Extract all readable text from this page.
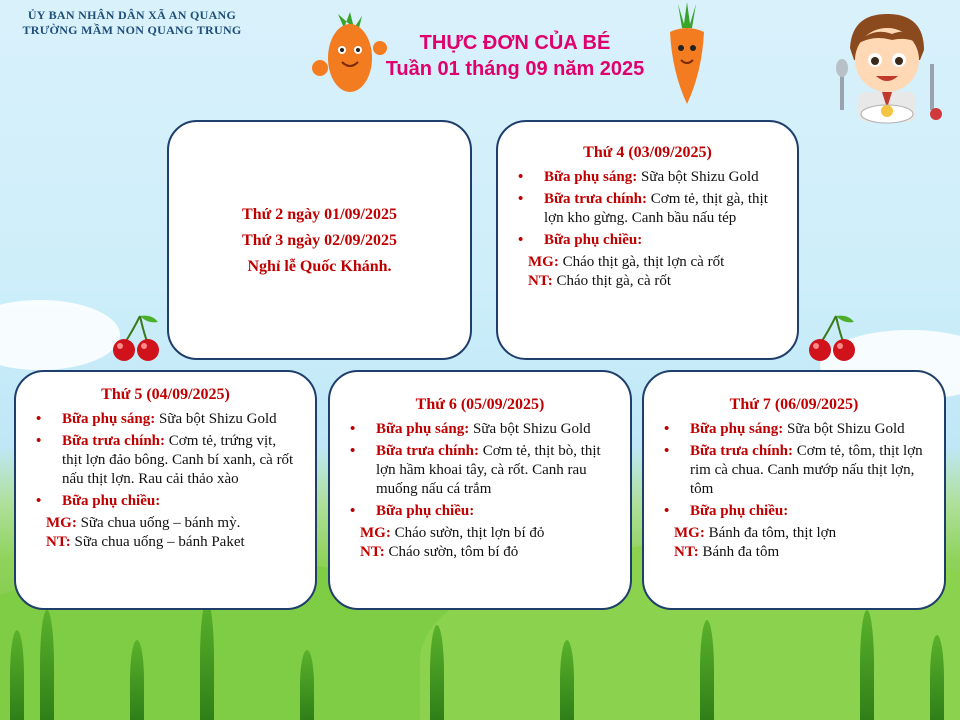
ỦY BAN NHÂN DÂN XÃ AN QUANG
TRƯỜNG MẦM NON QUANG TRUNG
THỰC ĐƠN CỦA BÉ
Tuần 01 tháng 09 năm 2025
Thứ 2 ngày 01/09/2025
Thứ 3 ngày 02/09/2025
Nghỉ lễ Quốc Khánh.
Thứ 4 (03/09/2025)
• Bữa phụ sáng: Sữa bột Shizu Gold
• Bữa trưa chính: Cơm tẻ, thịt gà, thịt lợn kho gừng. Canh bầu nấu tép
• Bữa phụ chiều:
MG: Cháo thịt gà, thịt lợn cà rốt
NT: Cháo thịt gà, cà rốt
Thứ 5 (04/09/2025)
• Bữa phụ sáng: Sữa bột Shizu Gold
• Bữa trưa chính: Cơm tẻ, trứng vịt, thịt lợn đảo bông. Canh bí xanh, cà rốt nấu thịt lợn. Rau cải thảo xào
• Bữa phụ chiều:
MG: Sữa chua uống – bánh mỳ.
NT: Sữa chua uống – bánh Paket
Thứ 6 (05/09/2025)
• Bữa phụ sáng: Sữa bột Shizu Gold
• Bữa trưa chính: Cơm tẻ, thịt bò, thịt lợn hầm khoai tây, cà rốt. Canh rau muống nấu cá trắm
• Bữa phụ chiều:
MG: Cháo sườn, thịt lợn bí đỏ
NT: Cháo sườn, tôm bí đỏ
Thứ 7 (06/09/2025)
• Bữa phụ sáng: Sữa bột Shizu Gold
• Bữa trưa chính: Cơm tẻ, tôm, thịt lợn rim cà chua. Canh mướp nấu thịt lợn, tôm
• Bữa phụ chiều:
MG: Bánh đa tôm, thịt lợn
NT: Bánh đa tôm
